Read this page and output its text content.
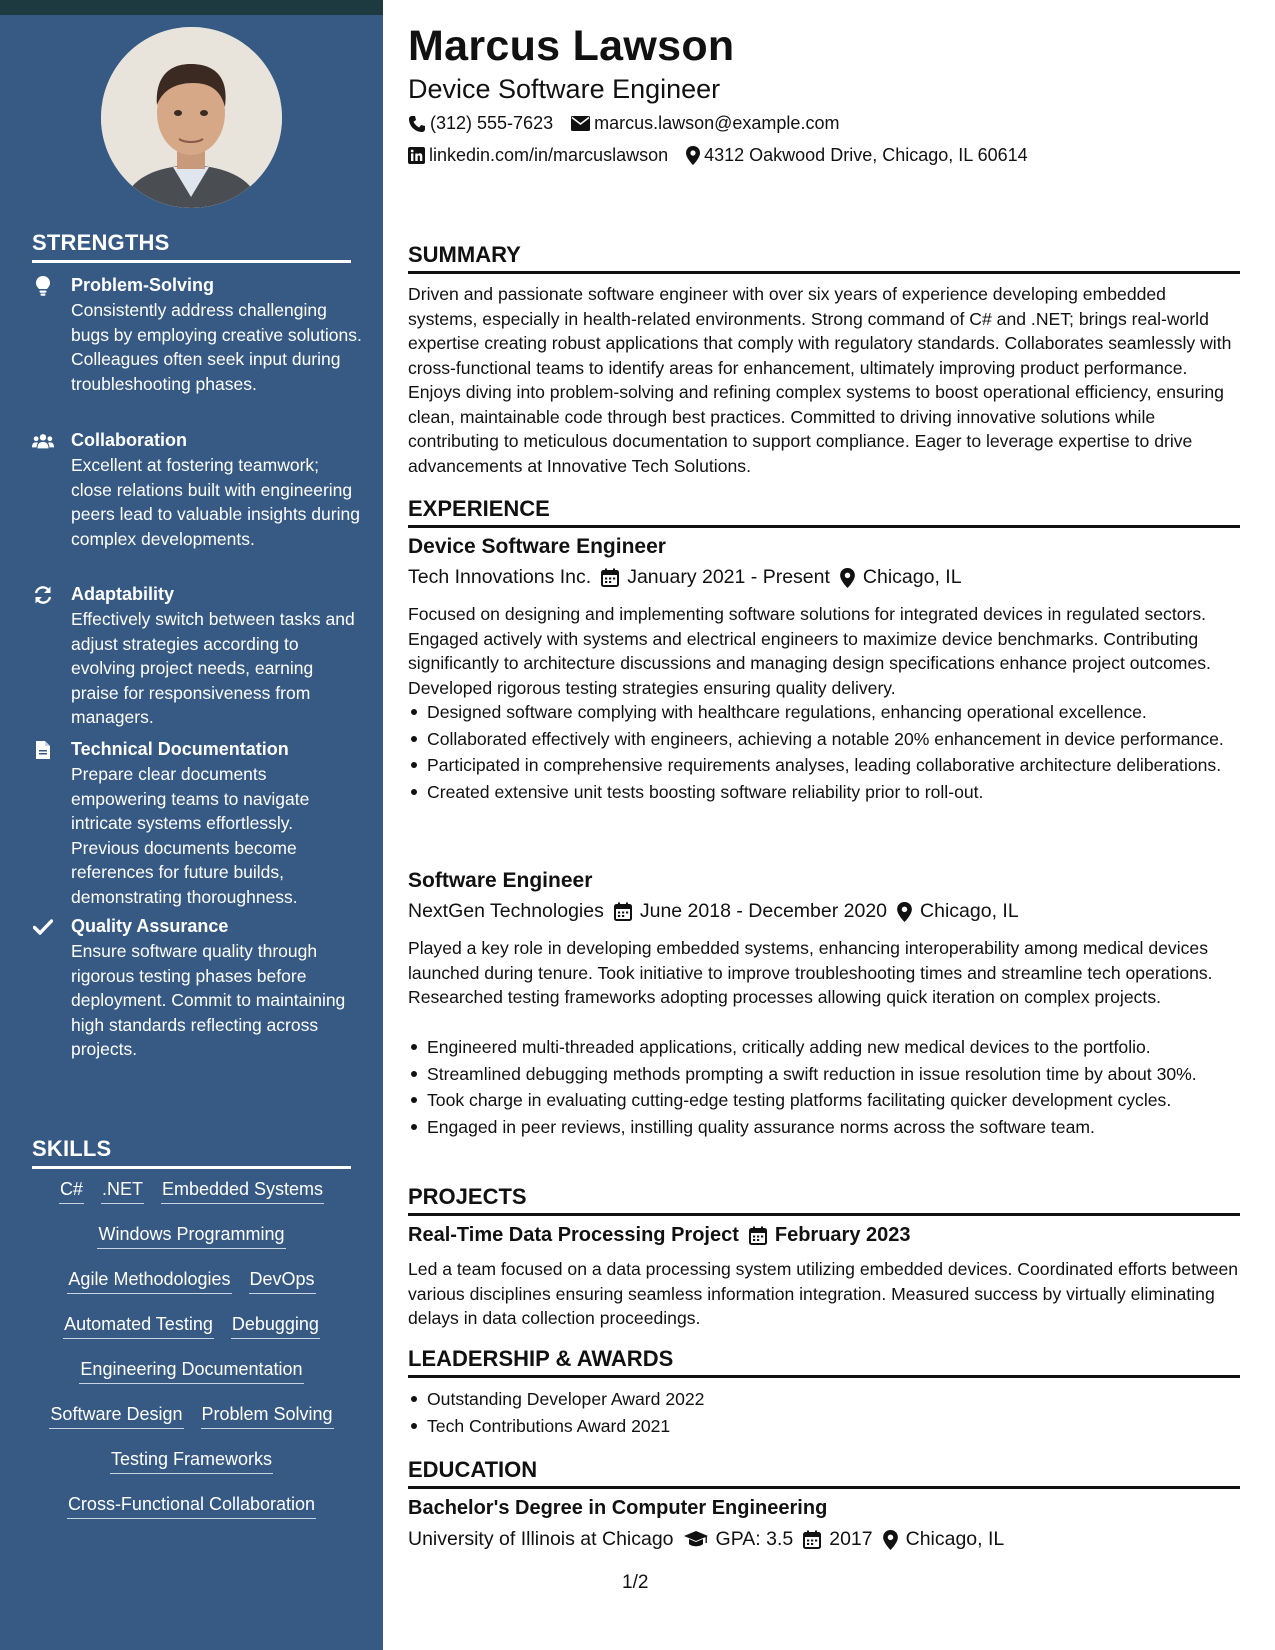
STRENGTHS
Problem-Solving
Consistently address challenging bugs by employing creative solutions. Colleagues often seek input during troubleshooting phases.
Collaboration
Excellent at fostering teamwork; close relations built with engineering peers lead to valuable insights during complex developments.
Adaptability
Effectively switch between tasks and adjust strategies according to evolving project needs, earning praise for responsiveness from managers.
Technical Documentation
Prepare clear documents empowering teams to navigate intricate systems effortlessly. Previous documents become references for future builds, demonstrating thoroughness.
Quality Assurance
Ensure software quality through rigorous testing phases before deployment. Commit to maintaining high standards reflecting across projects.
SKILLS
C# .NET Embedded Systems
Windows Programming
Agile Methodologies DevOps
Automated Testing Debugging
Engineering Documentation
Software Design Problem Solving
Testing Frameworks
Cross-Functional Collaboration
Marcus Lawson
Device Software Engineer
(312) 555-7623 marcus.lawson@example.com
linkedin.com/in/marcuslawson 4312 Oakwood Drive, Chicago, IL 60614
SUMMARY
Driven and passionate software engineer with over six years of experience developing embedded systems, especially in health-related environments. Strong command of C# and .NET; brings real-world expertise creating robust applications that comply with regulatory standards. Collaborates seamlessly with cross-functional teams to identify areas for enhancement, ultimately improving product performance. Enjoys diving into problem-solving and refining complex systems to boost operational efficiency, ensuring clean, maintainable code through best practices. Committed to driving innovative solutions while contributing to meticulous documentation to support compliance. Eager to leverage expertise to drive advancements at Innovative Tech Solutions.
EXPERIENCE
Device Software Engineer
Tech Innovations Inc. January 2021 - Present Chicago, IL
Focused on designing and implementing software solutions for integrated devices in regulated sectors. Engaged actively with systems and electrical engineers to maximize device benchmarks. Contributing significantly to architecture discussions and managing design specifications enhance project outcomes. Developed rigorous testing strategies ensuring quality delivery.
Designed software complying with healthcare regulations, enhancing operational excellence.
Collaborated effectively with engineers, achieving a notable 20% enhancement in device performance.
Participated in comprehensive requirements analyses, leading collaborative architecture deliberations.
Created extensive unit tests boosting software reliability prior to roll-out.
Software Engineer
NextGen Technologies June 2018 - December 2020 Chicago, IL
Played a key role in developing embedded systems, enhancing interoperability among medical devices launched during tenure. Took initiative to improve troubleshooting times and streamline tech operations. Researched testing frameworks adopting processes allowing quick iteration on complex projects.
Engineered multi-threaded applications, critically adding new medical devices to the portfolio.
Streamlined debugging methods prompting a swift reduction in issue resolution time by about 30%.
Took charge in evaluating cutting-edge testing platforms facilitating quicker development cycles.
Engaged in peer reviews, instilling quality assurance norms across the software team.
PROJECTS
Real-Time Data Processing Project February 2023
Led a team focused on a data processing system utilizing embedded devices. Coordinated efforts between various disciplines ensuring seamless information integration. Measured success by virtually eliminating delays in data collection proceedings.
LEADERSHIP & AWARDS
Outstanding Developer Award 2022
Tech Contributions Award 2021
EDUCATION
Bachelor's Degree in Computer Engineering
University of Illinois at Chicago GPA: 3.5 2017 Chicago, IL
1/2
